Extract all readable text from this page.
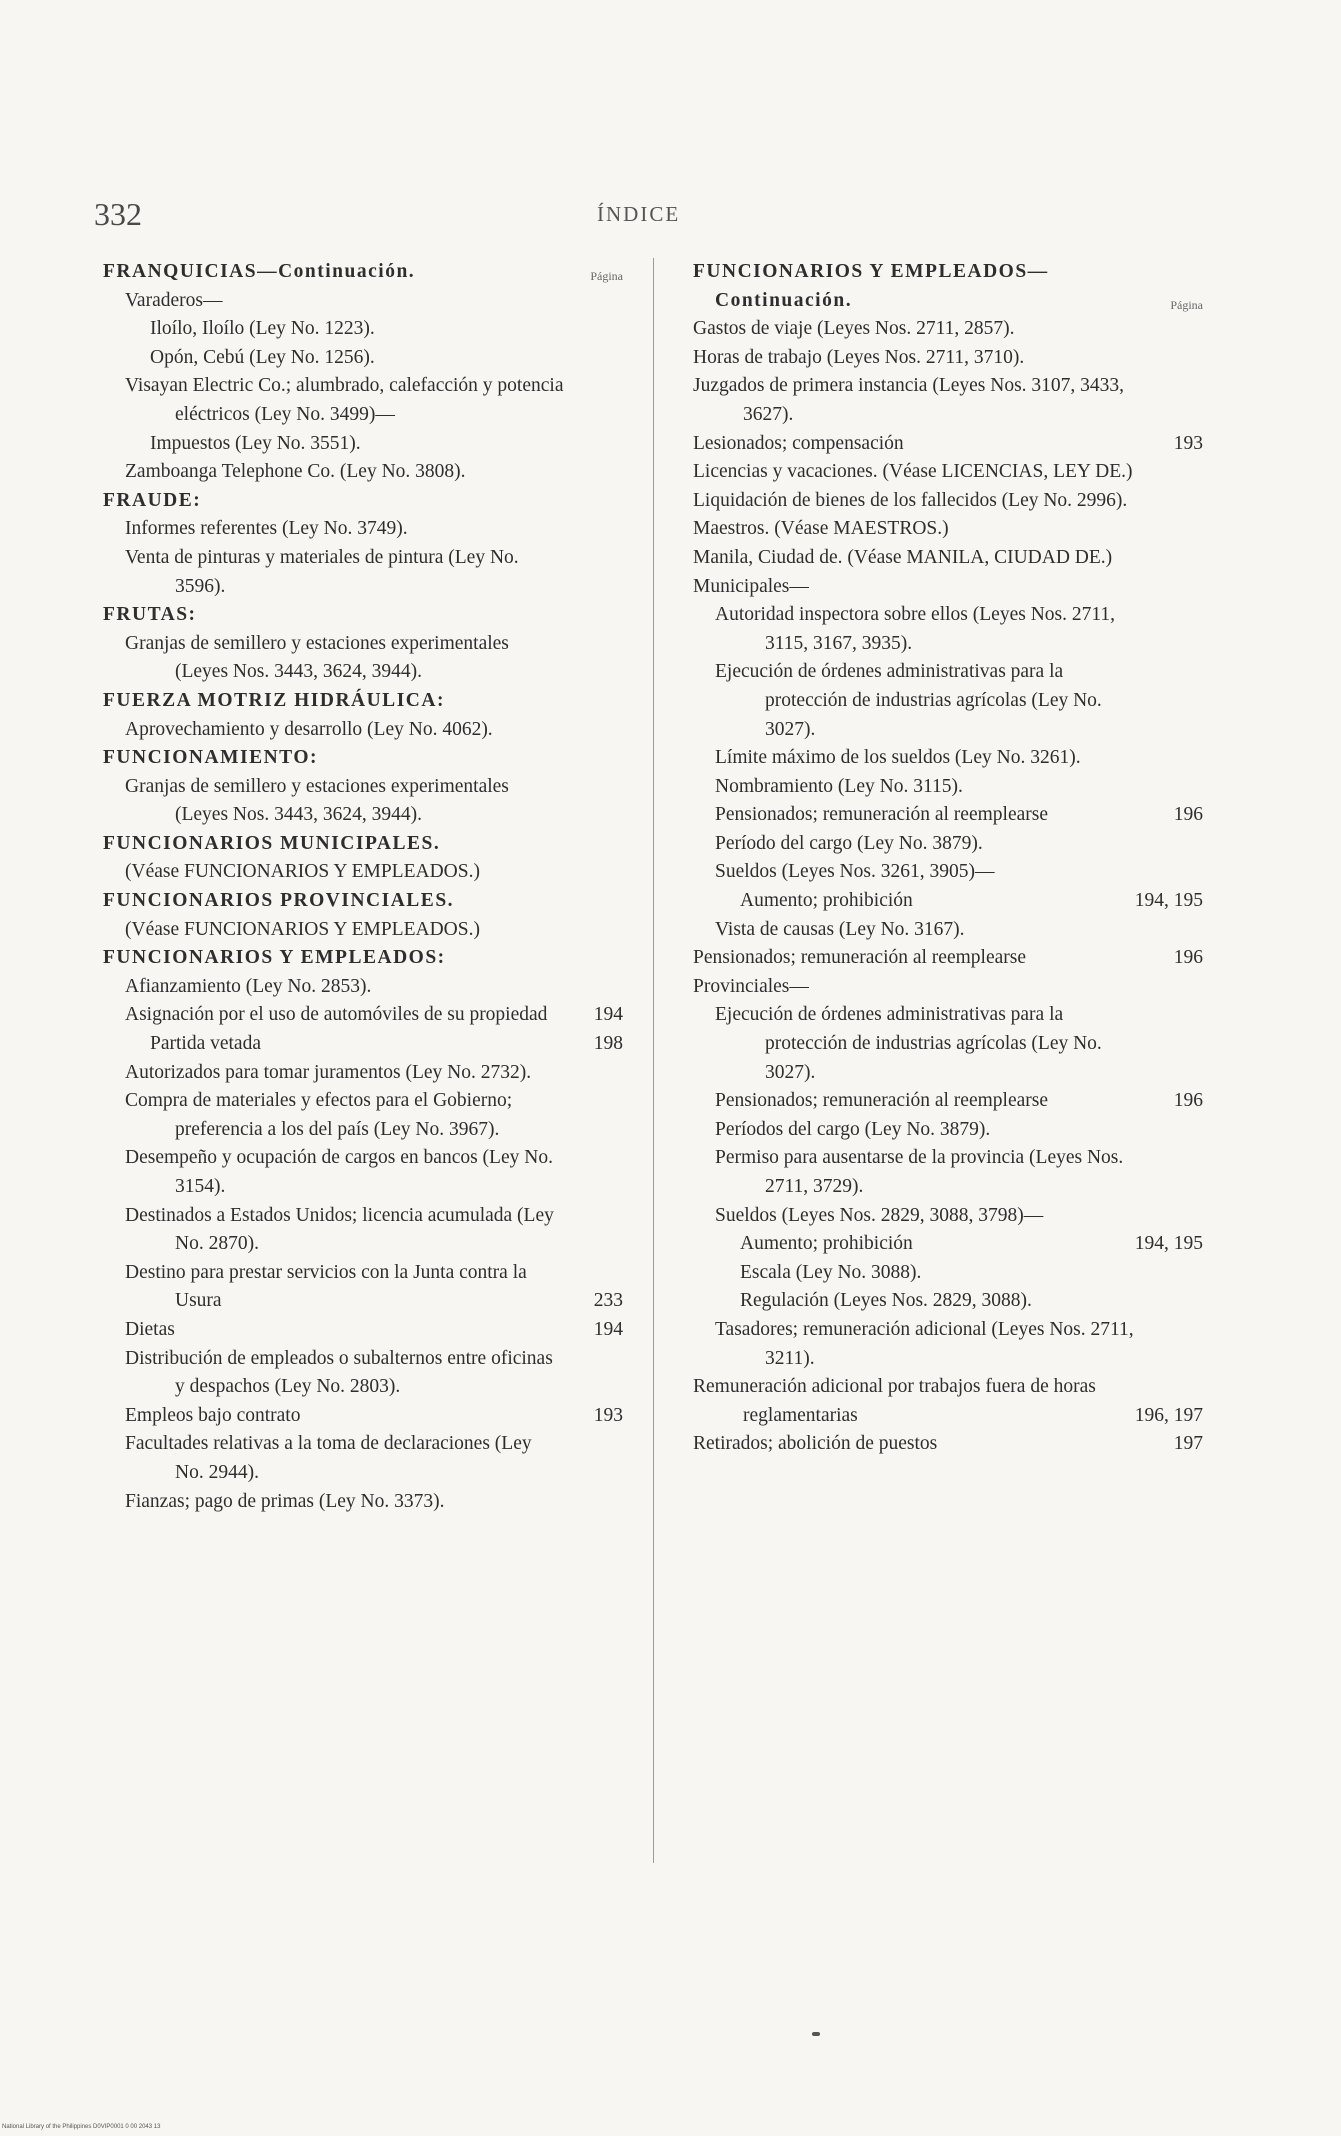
332	ÍNDICE
FRANQUICIAS—Continuación.	Página
Varaderos—
Iloílo, Iloílo (Ley No. 1223).
Opón, Cebú (Ley No. 1256).
Visayan Electric Co.; alumbrado, calefacción y potencia eléctricos (Ley No. 3499)—
Impuestos (Ley No. 3551).
Zamboanga Telephone Co. (Ley No. 3808).
FRAUDE:
Informes referentes (Ley No. 3749).
Venta de pinturas y materiales de pintura (Ley No. 3596).
FRUTAS:
Granjas de semillero y estaciones experimentales (Leyes Nos. 3443, 3624, 3944).
FUERZA MOTRIZ HIDRÁULICA:
Aprovechamiento y desarrollo (Ley No. 4062).
FUNCIONAMIENTO:
Granjas de semillero y estaciones experimentales (Leyes Nos. 3443, 3624, 3944).
FUNCIONARIOS MUNICIPALES.
(Véase FUNCIONARIOS Y EMPLEADOS.)
FUNCIONARIOS PROVINCIALES.
(Véase FUNCIONARIOS Y EMPLEADOS.)
FUNCIONARIOS Y EMPLEADOS:
Afianzamiento (Ley No. 2853).
Asignación por el uso de automóviles de su propiedad	194
Partida vetada	198
Autorizados para tomar juramentos (Ley No. 2732).
Compra de materiales y efectos para el Gobierno; preferencia a los del país (Ley No. 3967).
Desempeño y ocupación de cargos en bancos (Ley No. 3154).
Destinados a Estados Unidos; licencia acumulada (Ley No. 2870).
Destino para prestar servicios con la Junta contra la Usura	233
Dietas	194
Distribución de empleados o subalternos entre oficinas y despachos (Ley No. 2803).
Empleos bajo contrato	193
Facultades relativas a la toma de declaraciones (Ley No. 2944).
Fianzas; pago de primas (Ley No. 3373).
FUNCIONARIOS Y EMPLEADOS—
Continuación.	Página
Gastos de viaje (Leyes Nos. 2711, 2857).
Horas de trabajo (Leyes Nos. 2711, 3710).
Juzgados de primera instancia (Leyes Nos. 3107, 3433, 3627).
Lesionados; compensación	193
Licencias y vacaciones. (Véase LICENCIAS, LEY DE.)
Liquidación de bienes de los fallecidos (Ley No. 2996).
Maestros. (Véase MAESTROS.)
Manila, Ciudad de. (Véase MANILA, CIUDAD DE.)
Municipales—
Autoridad inspectora sobre ellos (Leyes Nos. 2711, 3115, 3167, 3935).
Ejecución de órdenes administrativas para la protección de industrias agrícolas (Ley No. 3027).
Límite máximo de los sueldos (Ley No. 3261).
Nombramiento (Ley No. 3115).
Pensionados; remuneración al reemplearse	196
Período del cargo (Ley No. 3879).
Sueldos (Leyes Nos. 3261, 3905)—
Aumento; prohibición	194, 195
Vista de causas (Ley No. 3167).
Pensionados; remuneración al reemplearse	196
Provinciales—
Ejecución de órdenes administrativas para la protección de industrias agrícolas (Ley No. 3027).
Pensionados; remuneración al reemplearse	196
Períodos del cargo (Ley No. 3879).
Permiso para ausentarse de la provincia (Leyes Nos. 2711, 3729).
Sueldos (Leyes Nos. 2829, 3088, 3798)—
Aumento; prohibición	194, 195
Escala (Ley No. 3088).
Regulación (Leyes Nos. 2829, 3088).
Tasadores; remuneración adicional (Leyes Nos. 2711, 3211).
Remuneración adicional por trabajos fuera de horas reglamentarias	196, 197
Retirados; abolición de puestos	197
National Library of the Philippines D0VIP0001 0 00 2043 13
